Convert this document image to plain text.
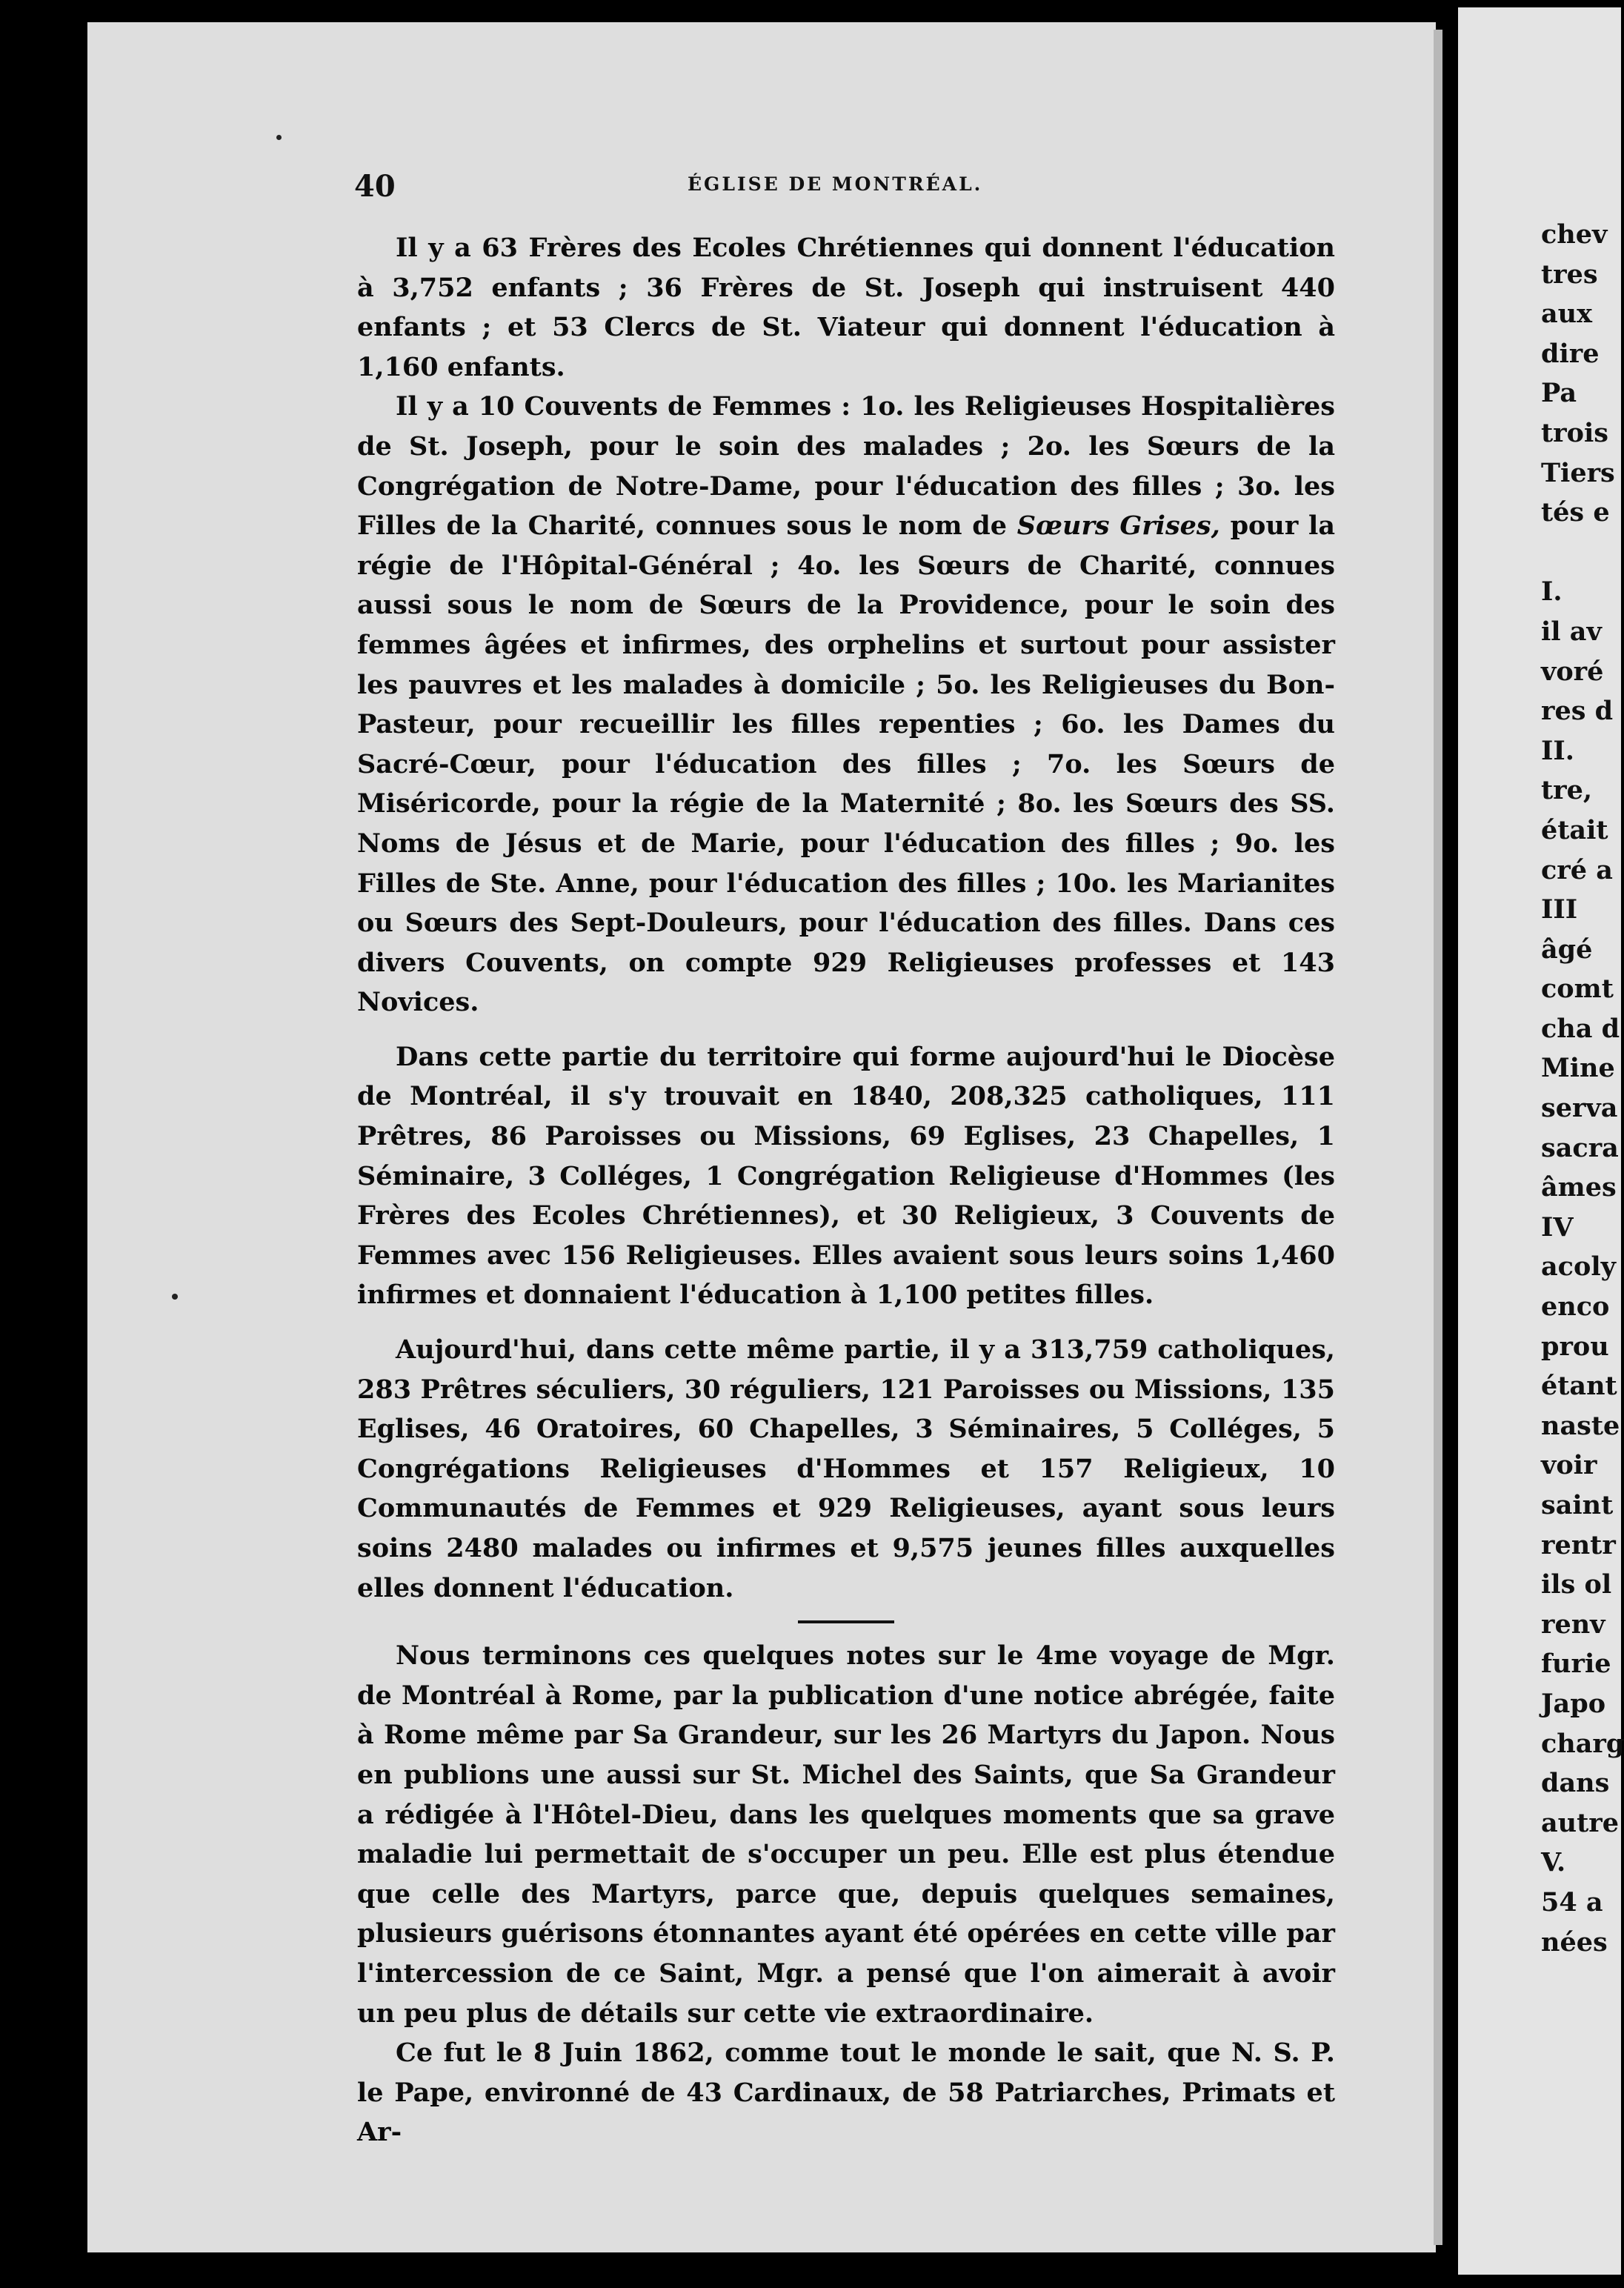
40	ÉGLISE DE MONTRÉAL.

Il y a 63 Frères des Ecoles Chrétiennes qui donnent l'éducation à 3,752 enfants ; 36 Frères de St. Joseph qui instruisent 440 enfants ; et 53 Clercs de St. Viateur qui donnent l'éducation à 1,160 enfants.

Il y a 10 Couvents de Femmes : 1o. les Religieuses Hospitalières de St. Joseph, pour le soin des malades ; 2o. les Sœurs de la Congrégation de Notre-Dame, pour l'éducation des filles ; 3o. les Filles de la Charité, connues sous le nom de Sœurs Grises, pour la régie de l'Hôpital-Général ; 4o. les Sœurs de Charité, connues aussi sous le nom de Sœurs de la Providence, pour le soin des femmes âgées et infirmes, des orphelins et surtout pour assister les pauvres et les malades à domicile ; 5o. les Religieuses du Bon-Pasteur, pour recueillir les filles repenties ; 6o. les Dames du Sacré-Cœur, pour l'éducation des filles ; 7o. les Sœurs de Miséricorde, pour la régie de la Maternité ; 8o. les Sœurs des SS. Noms de Jésus et de Marie, pour l'éducation des filles ; 9o. les Filles de Ste. Anne, pour l'éducation des filles ; 10o. les Marianites ou Sœurs des Sept-Douleurs, pour l'éducation des filles. Dans ces divers Couvents, on compte 929 Religieuses professes et 143 Novices.

Dans cette partie du territoire qui forme aujourd'hui le Diocèse de Montréal, il s'y trouvait en 1840, 208,325 catholiques, 111 Prêtres, 86 Paroisses ou Missions, 69 Eglises, 23 Chapelles, 1 Séminaire, 3 Colléges, 1 Congrégation Religieuse d'Hommes (les Frères des Ecoles Chrétiennes), et 30 Religieux, 3 Couvents de Femmes avec 156 Religieuses. Elles avaient sous leurs soins 1,460 infirmes et donnaient l'éducation à 1,100 petites filles.

Aujourd'hui, dans cette même partie, il y a 313,759 catholiques, 283 Prêtres séculiers, 30 réguliers, 121 Paroisses ou Missions, 135 Eglises, 46 Oratoires, 60 Chapelles, 3 Séminaires, 5 Colléges, 5 Congrégations Religieuses d'Hommes et 157 Religieux, 10 Communautés de Femmes et 929 Religieuses, ayant sous leurs soins 2480 malades ou infirmes et 9,575 jeunes filles auxquelles elles donnent l'éducation.

Nous terminons ces quelques notes sur le 4me voyage de Mgr. de Montréal à Rome, par la publication d'une notice abrégée, faite à Rome même par Sa Grandeur, sur les 26 Martyrs du Japon. Nous en publions une aussi sur St. Michel des Saints, que Sa Grandeur a rédigée à l'Hôtel-Dieu, dans les quelques moments que sa grave maladie lui permettait de s'occuper un peu. Elle est plus étendue que celle des Martyrs, parce que, depuis quelques semaines, plusieurs guérisons étonnantes ayant été opérées en cette ville par l'intercession de ce Saint, Mgr. a pensé que l'on aimerait à avoir un peu plus de détails sur cette vie extraordinaire.

Ce fut le 8 Juin 1862, comme tout le monde le sait, que N. S. P. le Pape, environné de 43 Cardinaux, de 58 Patriarches, Primats et Ar-

chev
tres
aux
dire
Pa
trois
Tiers
tés e
I.
il av
voré
res d
II.
tre,
était
cré a
III
âgé
comt
cha d
Mine
serva
sacra
âmes
IV
acoly
enco
prou
étant
naste
voir
saint
rentr
ils ol
renv
furie
Japo
charg
dans
autre
V.
54 a
nées
